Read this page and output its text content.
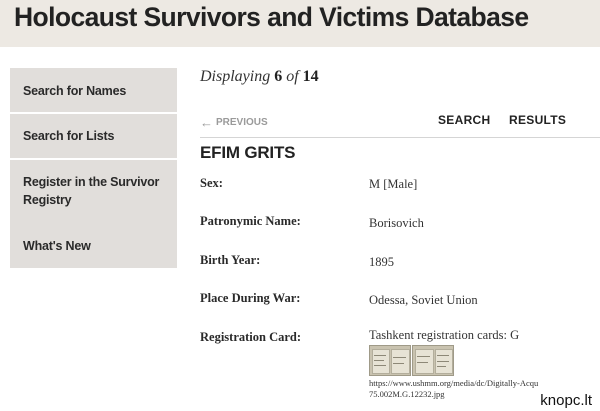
Holocaust Survivors and Victims Database
Search for Names
Search for Lists
Register in the Survivor Registry
What's New
Displaying 6 of 14
← PREVIOUS	SEARCH RESULTS
EFIM GRITS
Sex:	M [Male]
Patronymic Name:	Borisovich
Birth Year:	1895
Place During War:	Odessa, Soviet Union
Registration Card:	Tashkent registration cards: G
https://www.ushmm.org/media/dc/Digitally-Acqu
75.002M.G.12232.jpg	knopc.lt
